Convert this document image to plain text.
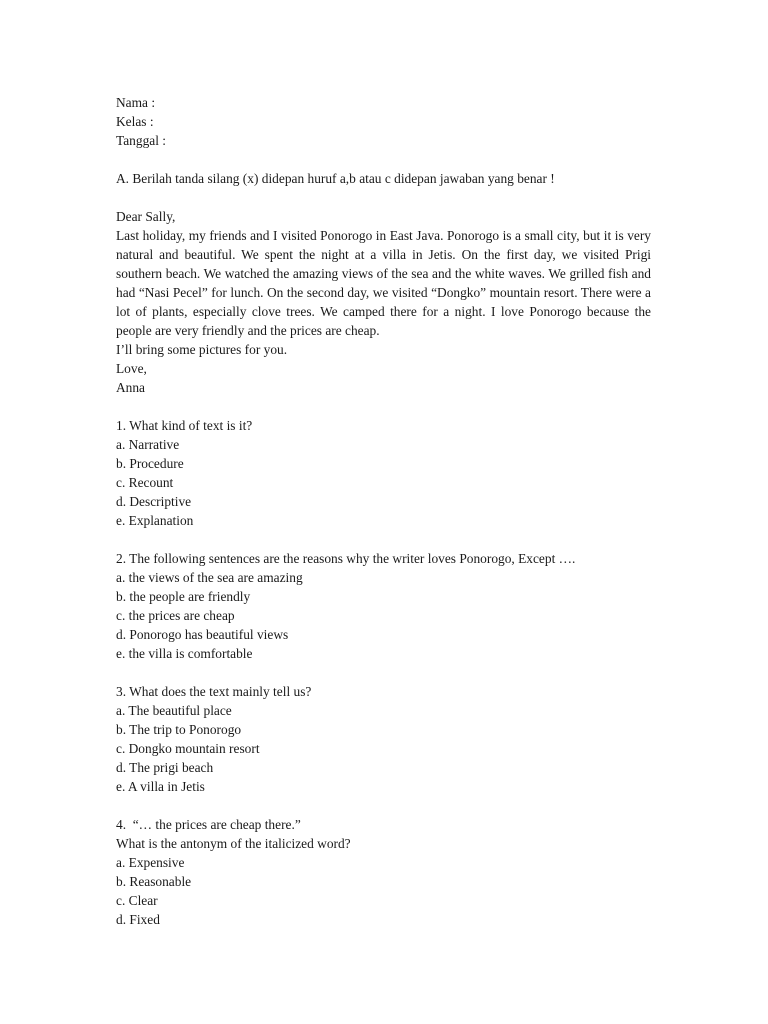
Nama :
Kelas :
Tanggal :
A. Berilah tanda silang (x) didepan huruf a,b atau c didepan jawaban yang benar !
Dear Sally,
Last holiday, my friends and I visited Ponorogo in East Java. Ponorogo is a small city, but it is very natural and beautiful. We spent the night at a villa in Jetis. On the first day, we visited Prigi southern beach. We watched the amazing views of the sea and the white waves. We grilled fish and had “Nasi Pecel” for lunch. On the second day, we visited “Dongko” mountain resort. There were a lot of plants, especially clove trees. We camped there for a night. I love Ponorogo because the people are very friendly and the prices are cheap.
I’ll bring some pictures for you.
Love,
Anna
1. What kind of text is it?
a. Narrative
b. Procedure
c. Recount
d. Descriptive
e. Explanation
2. The following sentences are the reasons why the writer loves Ponorogo, Except ….
a. the views of the sea are amazing
b. the people are friendly
c. the prices are cheap
d. Ponorogo has beautiful views
e. the villa is comfortable
3. What does the text mainly tell us?
a. The beautiful place
b. The trip to Ponorogo
c. Dongko mountain resort
d. The prigi beach
e. A villa in Jetis
4.  “… the prices are cheap there.”
What is the antonym of the italicized word?
a. Expensive
b. Reasonable
c. Clear
d. Fixed
